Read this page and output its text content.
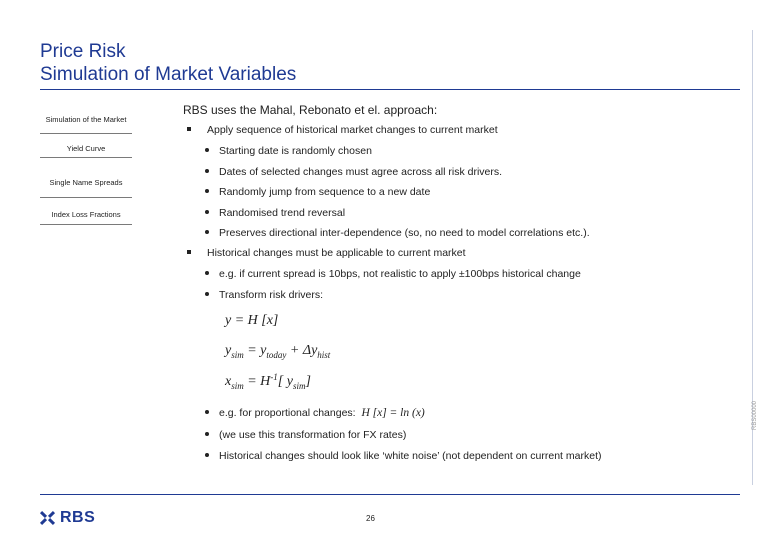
Price Risk
Simulation of Market Variables
Simulation of the Market
Yield Curve
Single Name Spreads
Index Loss Fractions
RBS uses the Mahal, Rebonato et el. approach:
Apply sequence of historical market changes to current market
Starting date is randomly chosen
Dates of selected changes must agree across all risk drivers.
Randomly jump from sequence to a new date
Randomised trend reversal
Preserves directional inter-dependence (so, no need to model correlations etc.).
Historical changes must be applicable to current market
e.g. if current spread is 10bps, not realistic to apply ±100bps historical change
Transform risk drivers:
y = H [x]
$y_{sim} = y_{today} + \Delta y_{hist}$
$x_{sim} = H^{-1}$[ $y_{sim}$]
e.g. for proportional changes: H [x] = ln (x)
(we use this transformation for FX rates)
Historical changes should look like ‘white noise’ (not dependent on current market)
RBS00000
RBS	26
